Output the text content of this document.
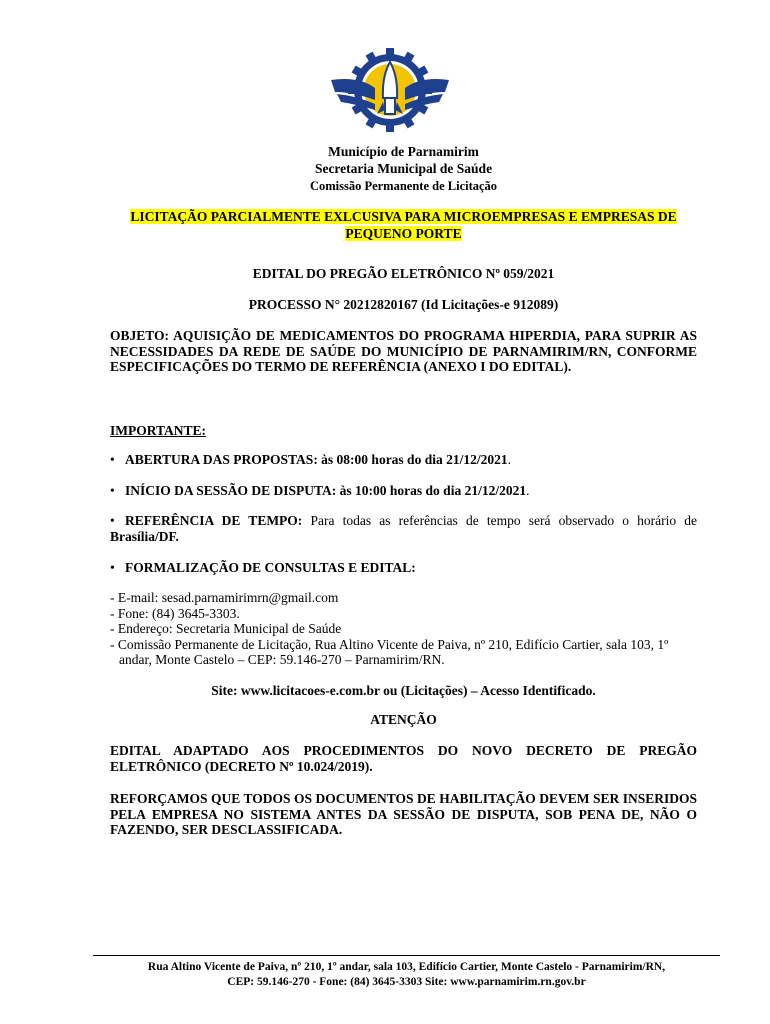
Município de Parnamirim
Secretaria Municipal de Saúde
Comissão Permanente de Licitação
LICITAÇÃO PARCIALMENTE EXLCUSIVA PARA MICROEMPRESAS E EMPRESAS DE
PEQUENO PORTE
EDITAL DO PREGÃO ELETRÔNICO Nº 059/2021
PROCESSO N° 20212820167 (Id Licitações-e 912089)
OBJETO: AQUISIÇÃO DE MEDICAMENTOS DO PROGRAMA HIPERDIA, PARA SUPRIR AS NECESSIDADES DA REDE DE SAÚDE DO MUNICÍPIO DE PARNAMIRIM/RN, CONFORME ESPECIFICAÇÕES DO TERMO DE REFERÊNCIA (ANEXO I DO EDITAL).
IMPORTANTE:
• ABERTURA DAS PROPOSTAS: às 08:00 horas do dia 21/12/2021.
• INÍCIO DA SESSÃO DE DISPUTA: às 10:00 horas do dia 21/12/2021.
• REFERÊNCIA DE TEMPO: Para todas as referências de tempo será observado o horário de Brasília/DF.
• FORMALIZAÇÃO DE CONSULTAS E EDITAL:
- E-mail: sesad.parnamirimrn@gmail.com
- Fone: (84) 3645-3303.
- Endereço: Secretaria Municipal de Saúde
- Comissão Permanente de Licitação, Rua Altino Vicente de Paiva, nº 210, Edifício Cartier, sala 103, 1º andar, Monte Castelo – CEP: 59.146-270 – Parnamirim/RN.
Site: www.licitacoes-e.com.br ou (Licitações) – Acesso Identificado.
ATENÇÃO
EDITAL ADAPTADO AOS PROCEDIMENTOS DO NOVO DECRETO DE PREGÃO ELETRÔNICO (DECRETO Nº 10.024/2019).
REFORÇAMOS QUE TODOS OS DOCUMENTOS DE HABILITAÇÃO DEVEM SER INSERIDOS PELA EMPRESA NO SISTEMA ANTES DA SESSÃO DE DISPUTA, SOB PENA DE, NÃO O FAZENDO, SER DESCLASSIFICADA.
Rua Altino Vicente de Paiva, nº 210, 1º andar, sala 103, Edifício Cartier, Monte Castelo - Parnamirim/RN,
CEP: 59.146-270 - Fone: (84) 3645-3303 Site: www.parnamirim.rn.gov.br
